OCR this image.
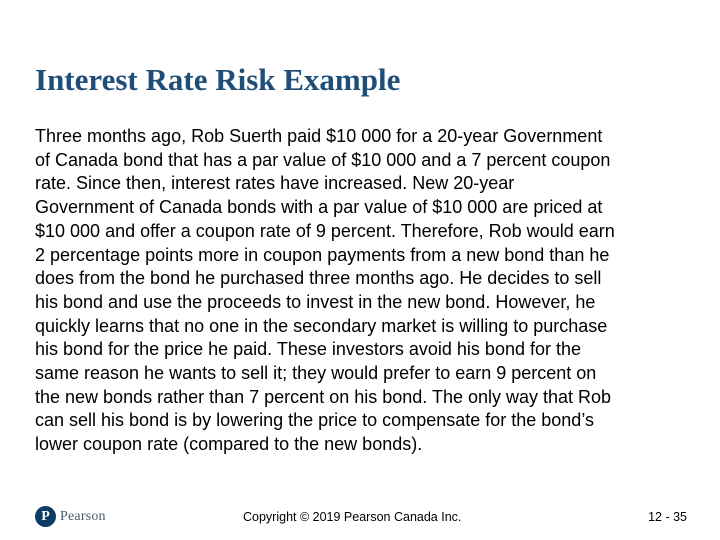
Interest Rate Risk Example
Three months ago, Rob Suerth paid $10 000 for a 20-year Government
of Canada bond that has a par value of $10 000 and a 7 percent coupon
rate. Since then, interest rates have increased. New 20-year
Government of Canada bonds with a par value of $10 000 are priced at
$10 000 and offer a coupon rate of 9 percent. Therefore, Rob would earn
2 percentage points more in coupon payments from a new bond than he
does from the bond he purchased three months ago. He decides to sell
his bond and use the proceeds to invest in the new bond. However, he
quickly learns that no one in the secondary market is willing to purchase
his bond for the price he paid. These investors avoid his bond for the
same reason he wants to sell it; they would prefer to earn 9 percent on
the new bonds rather than 7 percent on his bond. The only way that Rob
can sell his bond is by lowering the price to compensate for the bond’s
lower coupon rate (compared to the new bonds).
P Pearson	Copyright © 2019 Pearson Canada Inc.	12 - 35
